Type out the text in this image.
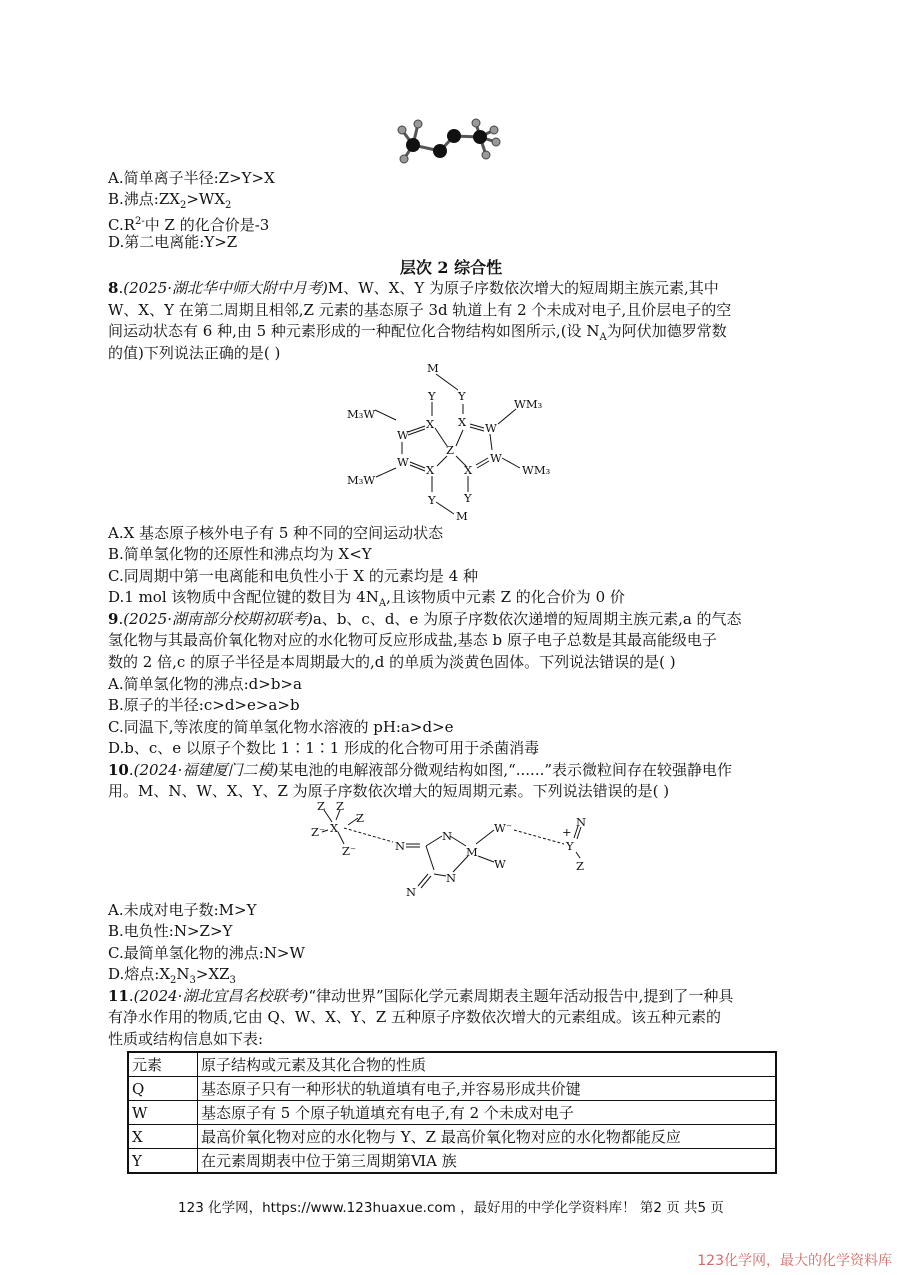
A.简单离子半径:Z>Y>X
B.沸点$:ZX_2>WX_2$
$C.R^{2-}$中 Z 的化合价是-3
D.第二电离能:Y>Z
层次 2 综合性
8.(2025·湖北华中师大附中月考)M、W、X、Y 为原子序数依次增大的短周期主族元素,其中
W、X、Y 在第二周期且相邻,Z 元素的基态原子 3d 轨道上有 2 个未成对电子,且价层电子的空
间运动状态有 6 种,由 5 种元素形成的一种配位化合物结构如图所示,(设 $N_A$为阿伏加德罗常数
的值)下列说法正确的是( )
M
Y Y
M₃W
WM₃
X X
W	W
Z
W	W
WM₃
X	X
M₃W
Y Y
M
A.X 基态原子核外电子有 5 种不同的空间运动状态
B.简单氢化物的还原性和沸点均为 X<Y
C.同周期中第一电离能和电负性小于 X 的元素均是 4 种
D.1 mol 该物质中含配位键的数目为 $4N_A$,且该物质中元素 Z 的化合价为 0 价
9.(2025·湖南部分校期初联考)a、b、c、d、e 为原子序数依次递增的短周期主族元素,a 的气态
氢化物与其最高价氧化物对应的水化物可反应形成盐,基态 b 原子电子总数是其最高能级电子
数的 2 倍,c 的原子半径是本周期最大的,d 的单质为淡黄色固体。下列说法错误的是( )
A.简单氢化物的沸点:d>b>a
B.原子的半径:c>d>e>a>b
C.同温下,等浓度的简单氢化物水溶液的 pH:a>d>e
D.b、c、e 以原子个数比 1∶1∶1 形成的化合物可用于杀菌消毒
10.(2024·福建厦门二模)某电池的电解液部分微观结构如图,“......”表示微粒间存在较强静电作
用。M、N、W、X、Y、Z 为原子序数依次增大的短周期元素。下列说法错误的是( )
Z Z
Z
X
Z⁻
Z⁻	N
N
M
N
N
W⁻
W
+
N
Y
Z
A.未成对电子数:M>Y
B.电负性:N>Z>Y
C.最简单氢化物的沸点:N>W
D.熔点$:X_2N_3>XZ_3$
11.(2024·湖北宜昌名校联考)“律动世界”国际化学元素周期表主题年活动报告中,提到了一种具
有净水作用的物质,它由 Q、W、X、Y、Z 五种原子序数依次增大的元素组成。该五种元素的
性质或结构信息如下表:
元素	原子结构或元素及其化合物的性质
Q	基态原子只有一种形状的轨道填有电子,并容易形成共价键
W	基态原子有 5 个原子轨道填充有电子,有 2 个未成对电子
X	最高价氧化物对应的水化物与 Y、Z 最高价氧化物对应的水化物都能反应
Y	在元素周期表中位于第三周期第ⅥA 族
123 化学网，https://www.123huaxue.com ，最好用的中学化学资料库！ 第2 页 共5 页
123化学网，最大的化学资料库
